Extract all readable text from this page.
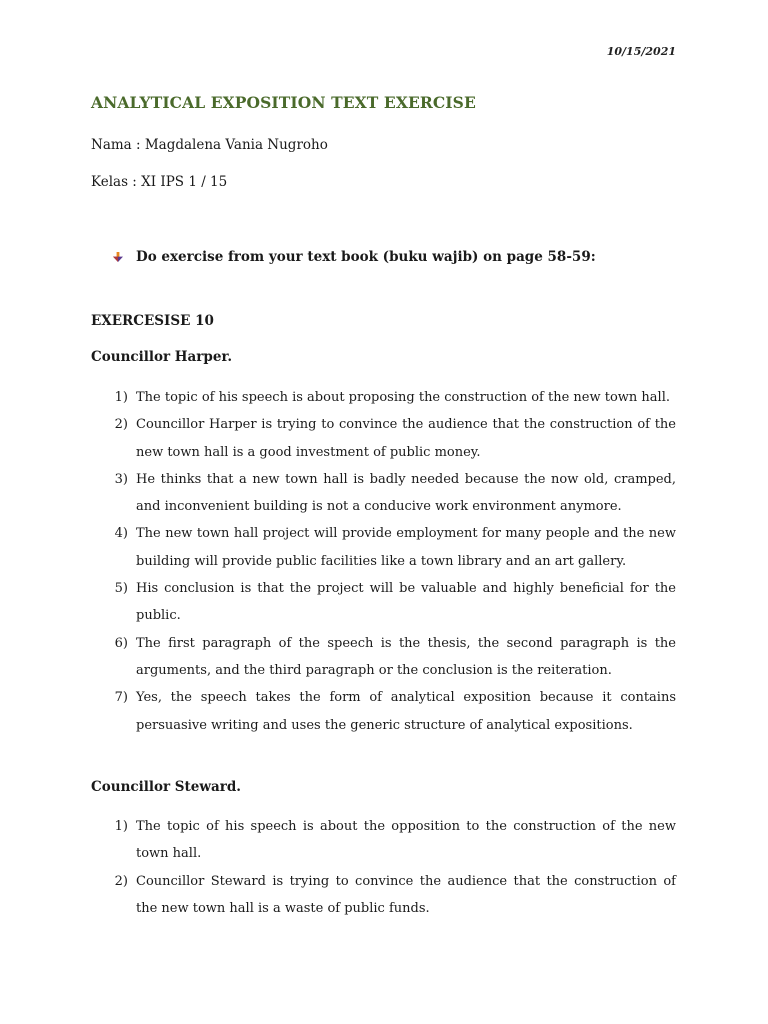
10/15/2021
ANALYTICAL EXPOSITION TEXT EXERCISE
Nama : Magdalena Vania Nugroho
Kelas : XI IPS 1 / 15
Do exercise from your text book (buku wajib) on page 58-59:
EXERCESISE 10
Councillor Harper.
1) The topic of his speech is about proposing the construction of the new town hall.
2) Councillor Harper is trying to convince the audience that the construction of the new town hall is a good investment of public money.
3) He thinks that a new town hall is badly needed because the now old, cramped, and inconvenient building is not a conducive work environment anymore.
4) The new town hall project will provide employment for many people and the new building will provide public facilities like a town library and an art gallery.
5) His conclusion is that the project will be valuable and highly beneficial for the public.
6) The first paragraph of the speech is the thesis, the second paragraph is the arguments, and the third paragraph or the conclusion is the reiteration.
7) Yes, the speech takes the form of analytical exposition because it contains persuasive writing and uses the generic structure of analytical expositions.
Councillor Steward.
1) The topic of his speech is about the opposition to the construction of the new town hall.
2) Councillor Steward is trying to convince the audience that the construction of the new town hall is a waste of public funds.
